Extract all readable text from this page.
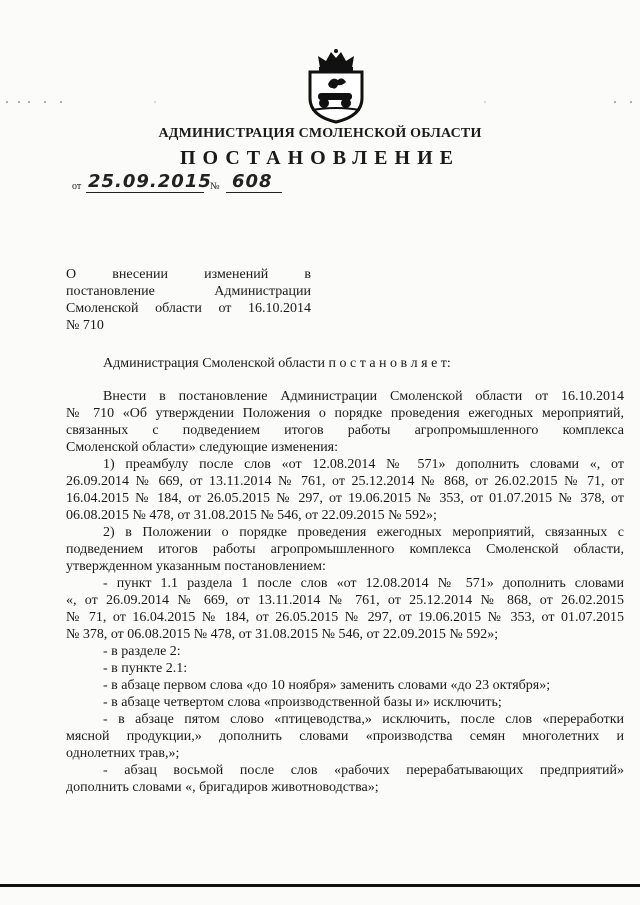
АДМИНИСТРАЦИЯ СМОЛЕНСКОЙ ОБЛАСТИ
ПОСТАНОВЛЕНИЕ
от 25.09.2015
№ 608
О	внесении	изменений	в
постановление	Администрации
Смоленской области от 16.10.2014
№ 710
Администрация Смоленской области п о с т а н о в л я е т:
Внести в постановление Администрации Смоленской области от 16.10.2014
№ 710 «Об утверждении Положения о порядке проведения ежегодных мероприятий,
связанных с подведением итогов работы агропромышленного комплекса
Смоленской области» следующие изменения:
1) преамбулу после слов «от 12.08.2014 № 571» дополнить словами «, от
26.09.2014 № 669, от 13.11.2014 № 761, от 25.12.2014 № 868, от 26.02.2015 № 71, от
16.04.2015 № 184, от 26.05.2015 № 297, от 19.06.2015 № 353, от 01.07.2015 № 378, от
06.08.2015 № 478, от 31.08.2015 № 546, от 22.09.2015 № 592»;
2) в Положении о порядке проведения ежегодных мероприятий, связанных с
подведением итогов работы агропромышленного комплекса Смоленской области,
утвержденном указанным постановлением:
- пункт 1.1 раздела 1 после слов «от 12.08.2014 № 571» дополнить словами
«, от 26.09.2014 № 669, от 13.11.2014 № 761, от 25.12.2014 № 868, от 26.02.2015
№ 71, от 16.04.2015 № 184, от 26.05.2015 № 297, от 19.06.2015 № 353, от 01.07.2015
№ 378, от 06.08.2015 № 478, от 31.08.2015 № 546, от 22.09.2015 № 592»;
- в разделе 2:
- в пункте 2.1:
- в абзаце первом слова «до 10 ноября» заменить словами «до 23 октября»;
- в абзаце четвертом слова «производственной базы и» исключить;
- в абзаце пятом слово «птицеводства,» исключить, после слов «переработки
мясной продукции,» дополнить словами «производства семян многолетних и
однолетних трав,»;
- абзац восьмой после слов «рабочих перерабатывающих предприятий»
дополнить словами «, бригадиров животноводства»;
